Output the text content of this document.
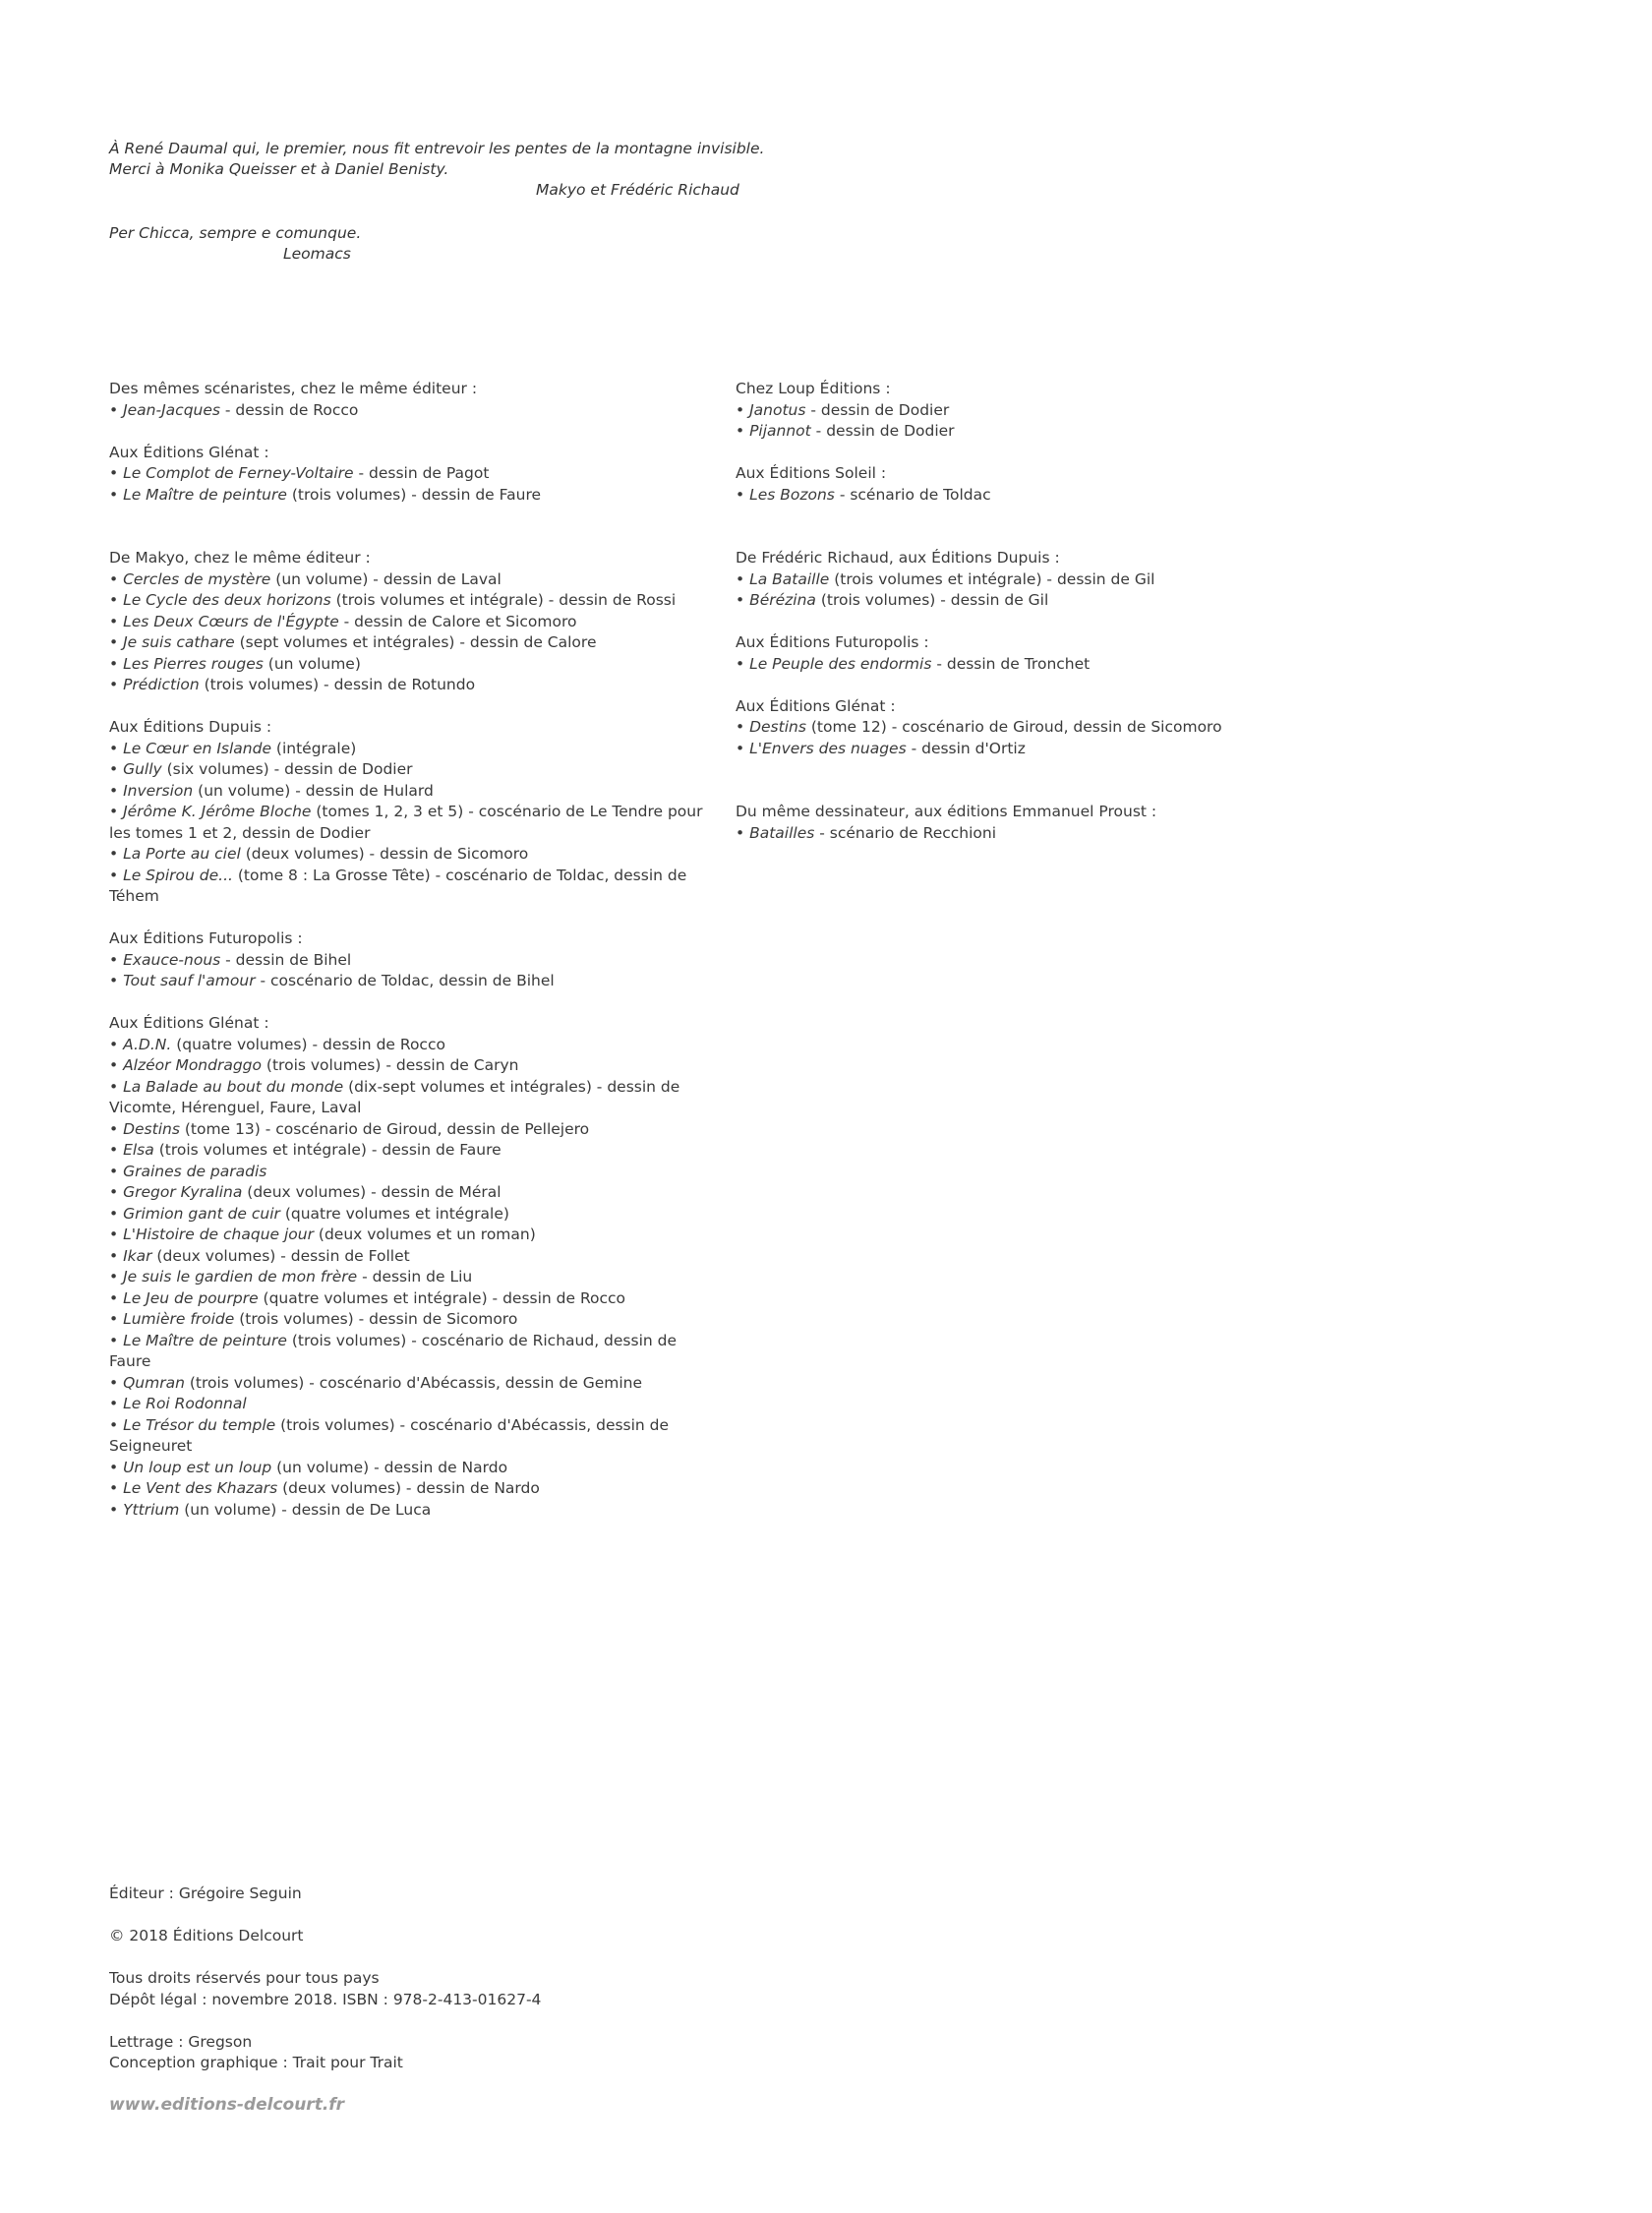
À René Daumal qui, le premier, nous fit entrevoir les pentes de la montagne invisible.
Merci à Monika Queisser et à Daniel Benisty.
Makyo et Frédéric Richaud
Per Chicca, sempre e comunque.
Leomacs
Des mêmes scénaristes, chez le même éditeur :
• Jean-Jacques - dessin de Rocco
Aux Éditions Glénat :
• Le Complot de Ferney-Voltaire - dessin de Pagot
• Le Maître de peinture (trois volumes) - dessin de Faure
De Makyo, chez le même éditeur :
• Cercles de mystère (un volume) - dessin de Laval
• Le Cycle des deux horizons (trois volumes et intégrale) - dessin de Rossi
• Les Deux Cœurs de l'Égypte - dessin de Calore et Sicomoro
• Je suis cathare (sept volumes et intégrales) - dessin de Calore
• Les Pierres rouges (un volume)
• Prédiction (trois volumes) - dessin de Rotundo
Aux Éditions Dupuis :
• Le Cœur en Islande (intégrale)
• Gully (six volumes) - dessin de Dodier
• Inversion (un volume) - dessin de Hulard
• Jérôme K. Jérôme Bloche (tomes 1, 2, 3 et 5) - coscénario de Le Tendre pour les tomes 1 et 2, dessin de Dodier
• La Porte au ciel (deux volumes) - dessin de Sicomoro
• Le Spirou de... (tome 8 : La Grosse Tête) - coscénario de Toldac, dessin de Téhem
Aux Éditions Futuropolis :
• Exauce-nous - dessin de Bihel
• Tout sauf l'amour - coscénario de Toldac, dessin de Bihel
Aux Éditions Glénat :
• A.D.N. (quatre volumes) - dessin de Rocco
• Alzéor Mondraggo (trois volumes) - dessin de Caryn
• La Balade au bout du monde (dix-sept volumes et intégrales) - dessin de Vicomte, Hérenguel, Faure, Laval
• Destins (tome 13) - coscénario de Giroud, dessin de Pellejero
• Elsa (trois volumes et intégrale) - dessin de Faure
• Graines de paradis
• Gregor Kyralina (deux volumes) - dessin de Méral
• Grimion gant de cuir (quatre volumes et intégrale)
• L'Histoire de chaque jour (deux volumes et un roman)
• Ikar (deux volumes) - dessin de Follet
• Je suis le gardien de mon frère - dessin de Liu
• Le Jeu de pourpre (quatre volumes et intégrale) - dessin de Rocco
• Lumière froide (trois volumes) - dessin de Sicomoro
• Le Maître de peinture (trois volumes) - coscénario de Richaud, dessin de Faure
• Qumran (trois volumes) - coscénario d'Abécassis, dessin de Gemine
• Le Roi Rodonnal
• Le Trésor du temple (trois volumes) - coscénario d'Abécassis, dessin de Seigneuret
• Un loup est un loup (un volume) - dessin de Nardo
• Le Vent des Khazars (deux volumes) - dessin de Nardo
• Yttrium (un volume) - dessin de De Luca
Chez Loup Éditions :
• Janotus - dessin de Dodier
• Pijannot - dessin de Dodier
Aux Éditions Soleil :
• Les Bozons - scénario de Toldac
De Frédéric Richaud, aux Éditions Dupuis :
• La Bataille (trois volumes et intégrale) - dessin de Gil
• Bérézina (trois volumes) - dessin de Gil
Aux Éditions Futuropolis :
• Le Peuple des endormis - dessin de Tronchet
Aux Éditions Glénat :
• Destins (tome 12) - coscénario de Giroud, dessin de Sicomoro
• L'Envers des nuages - dessin d'Ortiz
Du même dessinateur, aux éditions Emmanuel Proust :
• Batailles - scénario de Recchioni
Éditeur : Grégoire Seguin
© 2018 Éditions Delcourt
Tous droits réservés pour tous pays
Dépôt légal : novembre 2018. ISBN : 978-2-413-01627-4
Lettrage : Gregson
Conception graphique : Trait pour Trait
www.editions-delcourt.fr
